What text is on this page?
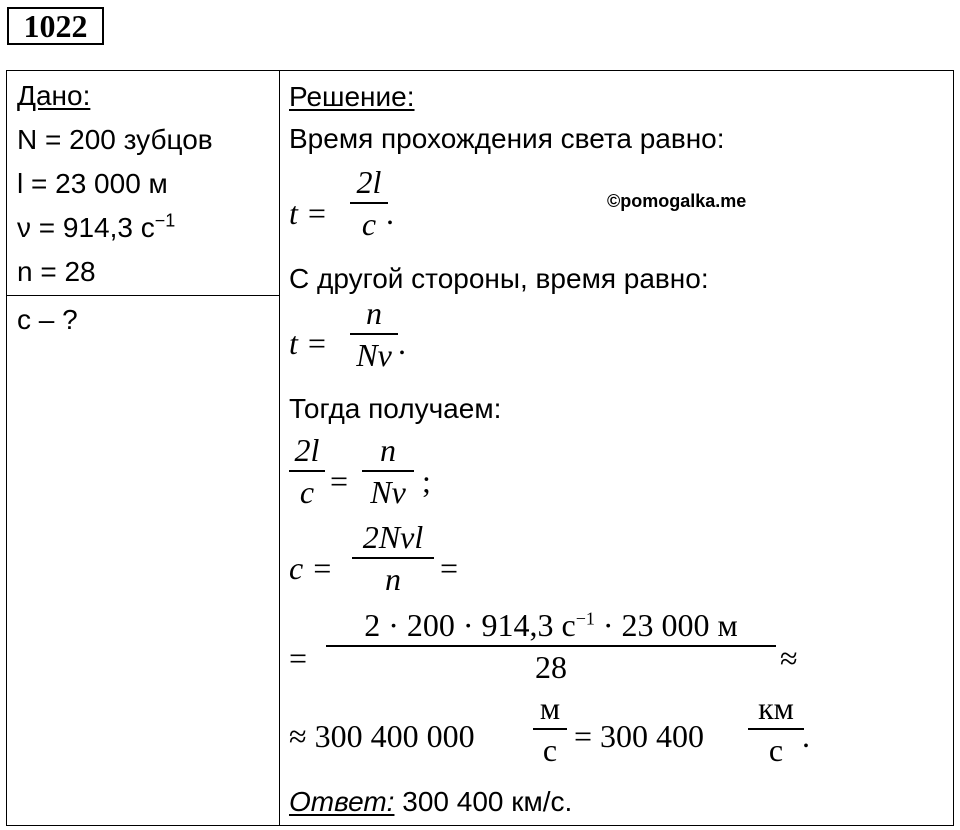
1022
Дано:
N = 200 зубцов
l = 23 000 м
ν = 914,3 $с^{-1}$
n = 28
c – ?
Решение:
Время прохождения света равно:
t =
2l
c .	©pomogalka.me
С другой стороны, время равно:
t =
n
Nν .
Тогда получаем:
2l
c =
n
Nν ;
c =
2Nνl
n	=
=
2 · 200 · 914,3 $с^{-1} \cdot 23$ 000 м
28	≈
≈ 300 400 000
м
с = 300 400
км
с .
Ответ: 300 400 км/с.
